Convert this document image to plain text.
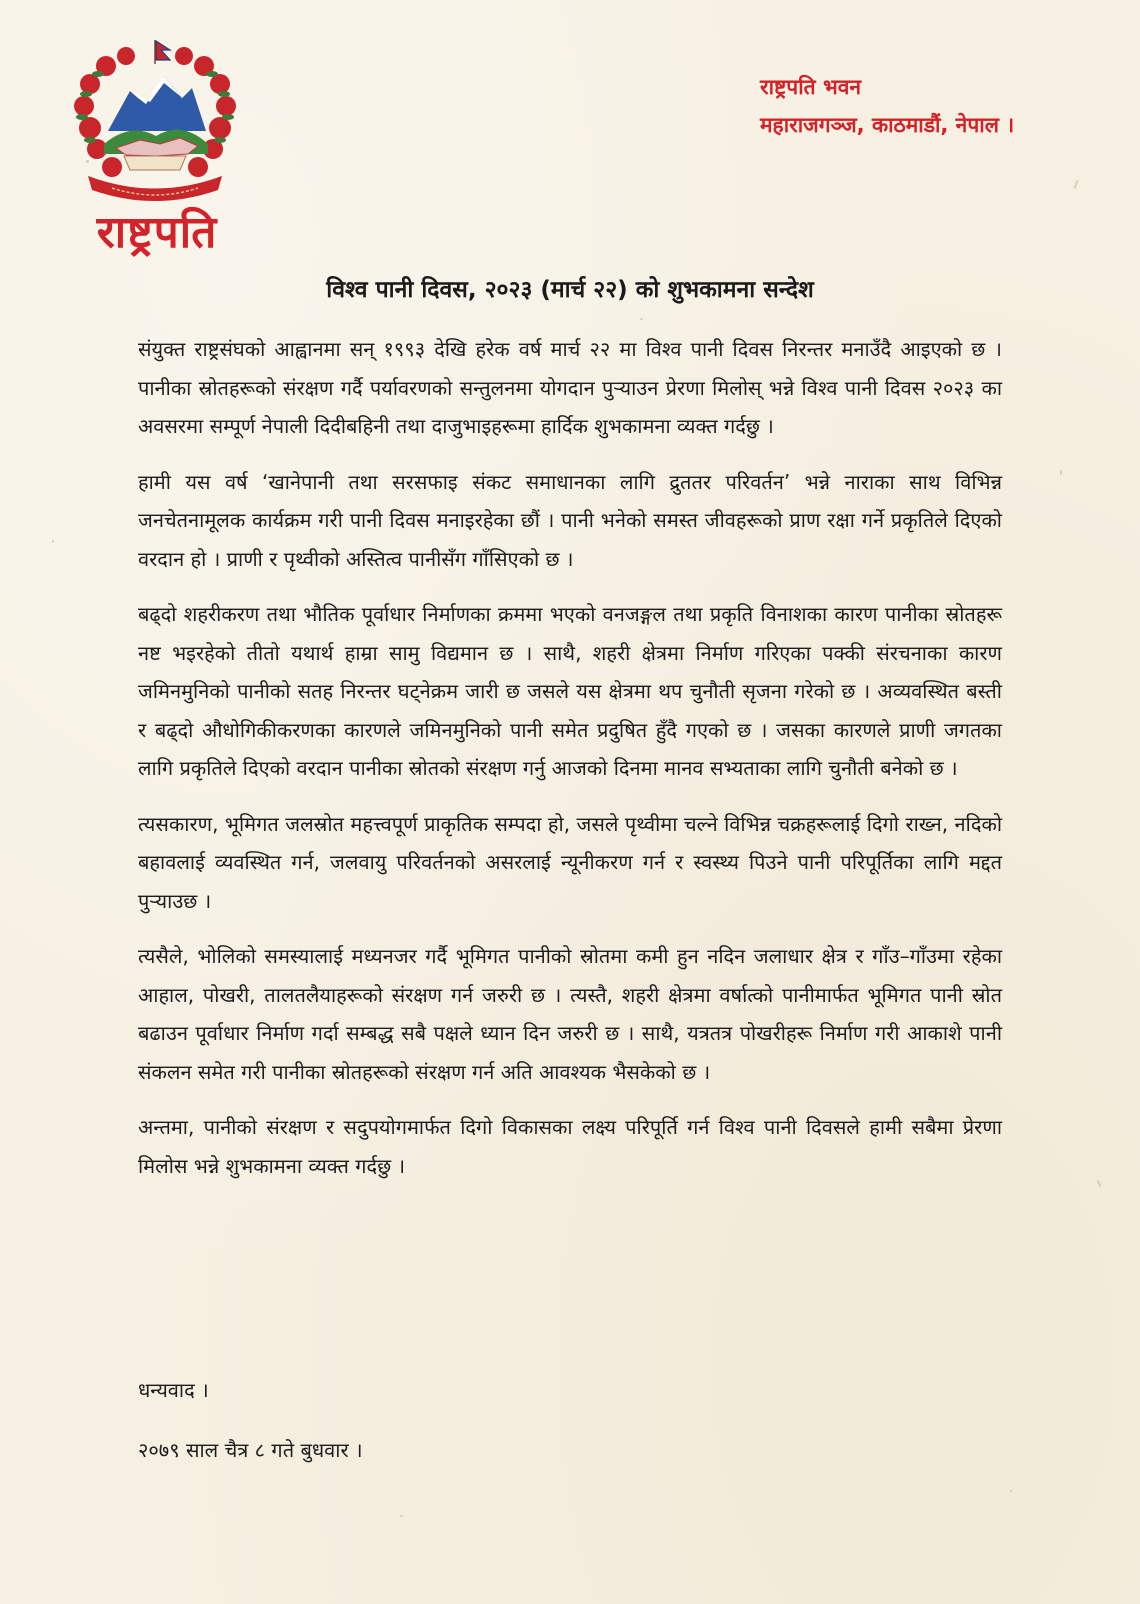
राष्ट्रपति
राष्ट्रपति भवन
महाराजगञ्ज, काठमाडौं, नेपाल ।
विश्व पानी दिवस, २०२३ (मार्च २२) को शुभकामना सन्देश

संयुक्त राष्ट्रसंघको आह्वानमा सन् १९९३ देखि हरेक वर्ष मार्च २२ मा विश्व पानी दिवस निरन्तर मनाउँदै आइएको छ । पानीका स्रोतहरूको संरक्षण गर्दै पर्यावरणको सन्तुलनमा योगदान पुऱ्याउन प्रेरणा मिलोस् भन्ने विश्व पानी दिवस २०२३ का अवसरमा सम्पूर्ण नेपाली दिदीबहिनी तथा दाजुभाइहरूमा हार्दिक शुभकामना व्यक्त गर्दछु ।

हामी यस वर्ष ‘खानेपानी तथा सरसफाइ संकट समाधानका लागि द्रुततर परिवर्तन’ भन्ने नाराका साथ विभिन्न जनचेतनामूलक कार्यक्रम गरी पानी दिवस मनाइरहेका छौं । पानी भनेको समस्त जीवहरूको प्राण रक्षा गर्ने प्रकृतिले दिएको वरदान हो । प्राणी र पृथ्वीको अस्तित्व पानीसँग गाँसिएको छ ।

बढ्दो शहरीकरण तथा भौतिक पूर्वाधार निर्माणका क्रममा भएको वनजङ्गल तथा प्रकृति विनाशका कारण पानीका स्रोतहरू नष्ट भइरहेको तीतो यथार्थ हाम्रा सामु विद्यमान छ । साथै, शहरी क्षेत्रमा निर्माण गरिएका पक्की संरचनाका कारण जमिनमुनिको पानीको सतह निरन्तर घट्नेक्रम जारी छ जसले यस क्षेत्रमा थप चुनौती सृजना गरेको छ । अव्यवस्थित बस्ती र बढ्दो औधोगिकीकरणका कारणले जमिनमुनिको पानी समेत प्रदुषित हुँदै गएको छ । जसका कारणले प्राणी जगतका लागि प्रकृतिले दिएको वरदान पानीका स्रोतको संरक्षण गर्नु आजको दिनमा मानव सभ्यताका लागि चुनौती बनेको छ ।

त्यसकारण, भूमिगत जलस्रोत महत्त्वपूर्ण प्राकृतिक सम्पदा हो, जसले पृथ्वीमा चल्ने विभिन्न चक्रहरूलाई दिगो राख्न, नदिको बहावलाई व्यवस्थित गर्न, जलवायु परिवर्तनको असरलाई न्यूनीकरण गर्न र स्वस्थ्य पिउने पानी परिपूर्तिका लागि मद्दत पुऱ्याउछ ।

त्यसैले, भोलिको समस्यालाई मध्यनजर गर्दै भूमिगत पानीको स्रोतमा कमी हुन नदिन जलाधार क्षेत्र र गाँउ–गाँउमा रहेका आहाल, पोखरी, तालतलैयाहरूको संरक्षण गर्न जरुरी छ । त्यस्तै, शहरी क्षेत्रमा वर्षात्को पानीमार्फत भूमिगत पानी स्रोत बढाउन पूर्वाधार निर्माण गर्दा सम्बद्ध सबै पक्षले ध्यान दिन जरुरी छ । साथै, यत्रतत्र पोखरीहरू निर्माण गरी आकाशे पानी संकलन समेत गरी पानीका स्रोतहरूको संरक्षण गर्न अति आवश्यक भैसकेको छ ।

अन्तमा, पानीको संरक्षण र सदुपयोगमार्फत दिगो विकासका लक्ष्य परिपूर्ति गर्न विश्व पानी दिवसले हामी सबैमा प्रेरणा मिलोस भन्ने शुभकामना व्यक्त गर्दछु ।

धन्यवाद ।
२०७९ साल चैत्र ८ गते बुधवार ।
